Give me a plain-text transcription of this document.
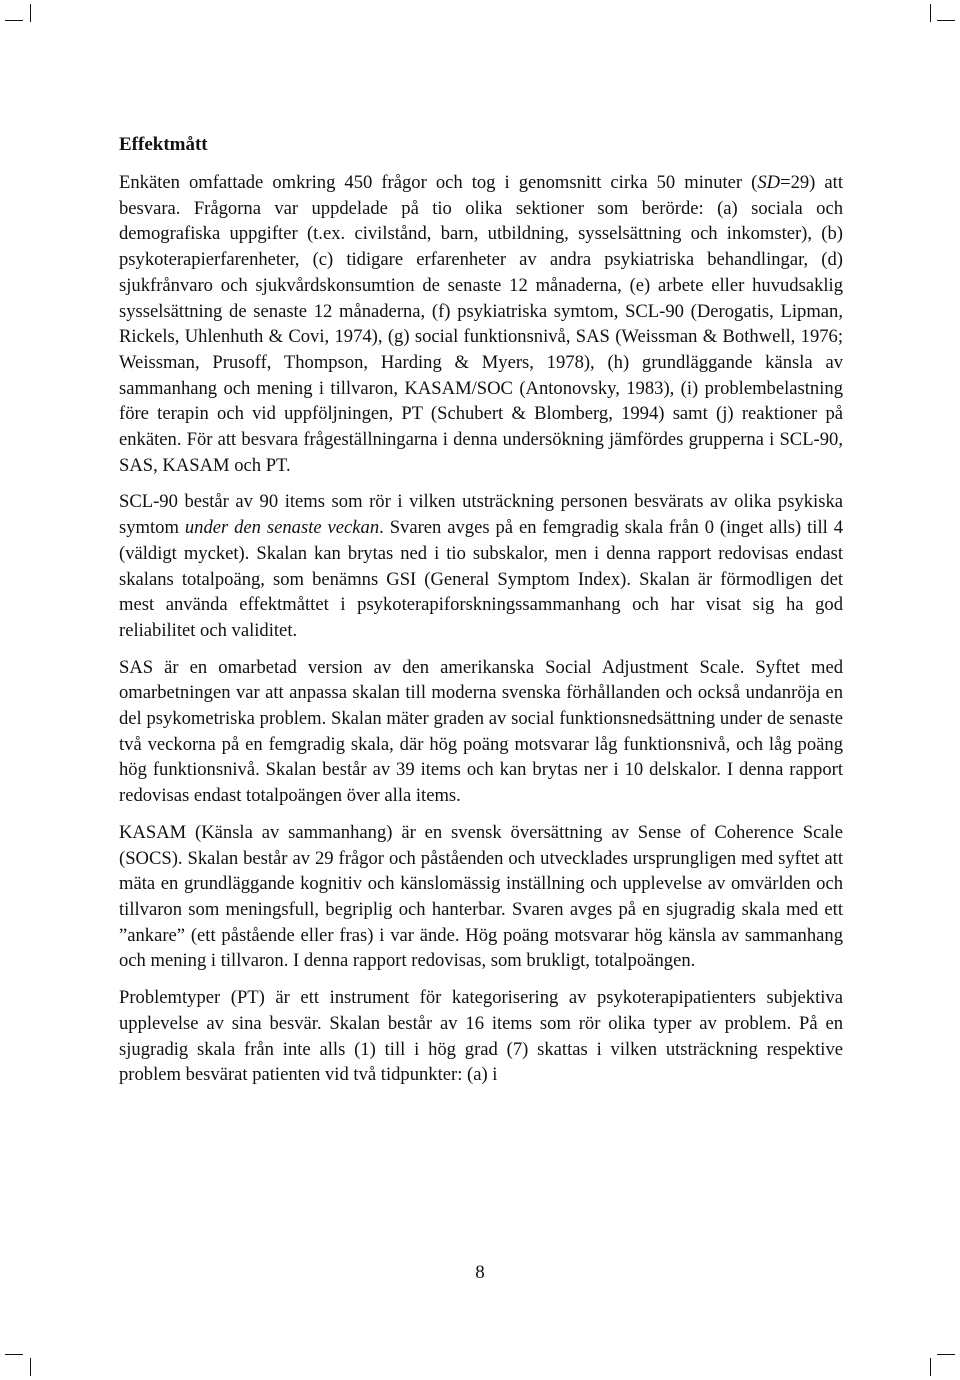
Effektmått
Enkäten omfattade omkring 450 frågor och tog i genomsnitt cirka 50 minuter (SD=29) att besvara. Frågorna var uppdelade på tio olika sektioner som berörde: (a) sociala och demografiska uppgifter (t.ex. civilstånd, barn, utbildning, sysselsättning och inkomster), (b) psykoterapierfarenheter, (c) tidigare erfarenheter av andra psykiatriska behandlingar, (d) sjukfrånvaro och sjukvårdskonsumtion de senaste 12 månaderna, (e) arbete eller huvudsaklig sysselsättning de senaste 12 månaderna, (f) psykiatriska symtom, SCL-90 (Derogatis, Lipman, Rickels, Uhlenhuth & Covi, 1974), (g) social funktionsnivå, SAS (Weissman & Bothwell, 1976; Weissman, Prusoff, Thompson, Harding & Myers, 1978), (h) grundläggande känsla av sammanhang och mening i tillvaron, KASAM/SOC (Antonovsky, 1983), (i) problembelastning före terapin och vid uppföljningen, PT (Schubert & Blomberg, 1994) samt (j) reaktioner på enkäten. För att besvara frågeställningarna i denna undersökning jämfördes grupperna i SCL-90, SAS, KASAM och PT.
SCL-90 består av 90 items som rör i vilken utsträckning personen besvärats av olika psykiska symtom under den senaste veckan. Svaren avges på en femgradig skala från 0 (inget alls) till 4 (väldigt mycket). Skalan kan brytas ned i tio subskalor, men i denna rapport redovisas endast skalans totalpoäng, som benämns GSI (General Symptom Index). Skalan är förmodligen det mest använda effektmåttet i psykoterapiforskningssammanhang och har visat sig ha god reliabilitet och validitet.
SAS är en omarbetad version av den amerikanska Social Adjustment Scale. Syftet med omarbetningen var att anpassa skalan till moderna svenska förhållanden och också undanröja en del psykometriska problem. Skalan mäter graden av social funktionsnedsättning under de senaste två veckorna på en femgradig skala, där hög poäng motsvarar låg funktionsnivå, och låg poäng hög funktionsnivå. Skalan består av 39 items och kan brytas ner i 10 delskalor. I denna rapport redovisas endast totalpoängen över alla items.
KASAM (Känsla av sammanhang) är en svensk översättning av Sense of Coherence Scale (SOCS). Skalan består av 29 frågor och påståenden och utvecklades ursprungligen med syftet att mäta en grundläggande kognitiv och känslomässig inställning och upplevelse av omvärlden och tillvaron som meningsfull, begriplig och hanterbar. Svaren avges på en sjugradig skala med ett ”ankare” (ett påstående eller fras) i var ände. Hög poäng motsvarar hög känsla av sammanhang och mening i tillvaron. I denna rapport redovisas, som brukligt, totalpoängen.
Problemtyper (PT) är ett instrument för kategorisering av psykoterapipatienters subjektiva upplevelse av sina besvär. Skalan består av 16 items som rör olika typer av problem. På en sjugradig skala från inte alls (1) till i hög grad (7) skattas i vilken utsträckning respektive problem besvärat patienten vid två tidpunkter: (a) i
8
